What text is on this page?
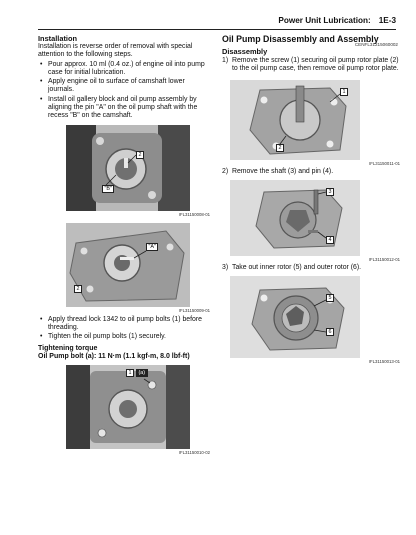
Power Unit Lubrication: 1E-3
Installation

Installation is reverse order of removal with special attention to the following steps.

• Pour approx. 10 ml (0.4 oz.) of engine oil into pump case for initial lubrication.
• Apply engine oil to surface of camshaft lower journals.
• Install oil gallery block and oil pump assembly by aligning the pin "A" on the oil pump shaft with the recess "B" on the camshaft.
2
"B"
IFL31150008-01
"A"
2
IFL31150009-01
• Apply thread lock 1342 to oil pump bolts (1) before threading.
• Tighten the oil pump bolts (1) securely.
Tightening torque
Oil Pump bolt (a): 11 N·m (1.1 kgf-m, 8.0 lbf-ft)
1	(a)
IFL31150010-02
Oil Pump Disassembly and Assembly
Disassembly
1) Remove the screw (1) securing oil pump rotor plate (2) to the oil pump case, then remove oil pump rotor plate.
1
2
IFL31150011-01
2) Remove the shaft (3) and pin (4).
3
4
IFL31150012-01
3) Take out inner rotor (5) and outer rotor (6).
5
6
IFL31150013-01
CENFL31215060002
